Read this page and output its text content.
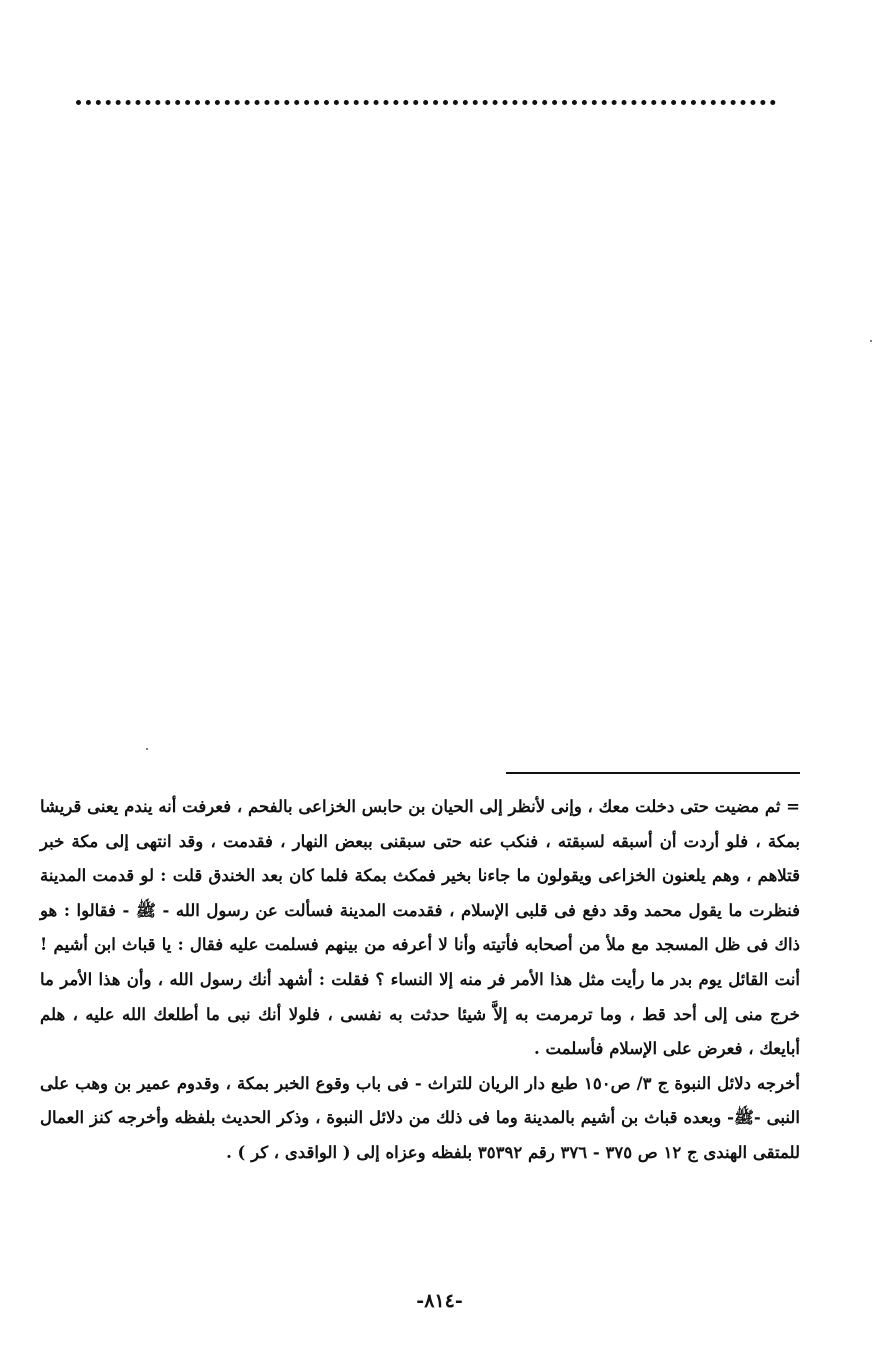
= ثم مضيت حتى دخلت معك ، وإنى لأنظر إلى الحيان بن حابس الخزاعى بالفحم ، فعرفت أنه يندم يعنى قريشا بمكة ، فلو أردت أن أسبقه لسبقته ، فنكب عنه حتى سبقنى ببعض النهار ، فقدمت ، وقد انتهى إلى مكة خبر قتلاهم ، وهم يلعنون الخزاعى ويقولون ما جاءنا بخير فمكث بمكة فلما كان بعد الخندق قلت : لو قدمت المدينة فنظرت ما يقول محمد وقد دفع فى قلبى الإسلام ، فقدمت المدينة فسألت عن رسول الله - ﷺ - فقالوا : هو ذاك فى ظل المسجد مع ملأ من أصحابه فأتيته وأنا لا أعرفه من بينهم فسلمت عليه فقال : يا قباث ابن أشيم ! أنت القائل يوم بدر ما رأيت مثل هذا الأمر فر منه إلا النساء ؟ فقلت : أشهد أنك رسول الله ، وأن هذا الأمر ما خرج منى إلى أحد قط ، وما ترمرمت به إلاَّ شيئا حدثت به نفسى ، فلولا أنك نبى ما أطلعك الله عليه ، هلم أبايعك ، فعرض على الإسلام فأسلمت .

أخرجه دلائل النبوة ج ٣/ ص١٥٠ طبع دار الريان للتراث - فى باب وقوع الخبر بمكة ، وقدوم عمير بن وهب على النبى -ﷺ- وبعده قباث بن أشيم بالمدينة وما فى ذلك من دلائل النبوة ، وذكر الحديث بلفظه وأخرجه كنز العمال للمتقى الهندى ج ١٢ ص ٣٧٥ - ٣٧٦ رقم ٣٥٣٩٢ بلفظه وعزاه إلى ( الواقدى ، كر ) .

-٨١٤-
